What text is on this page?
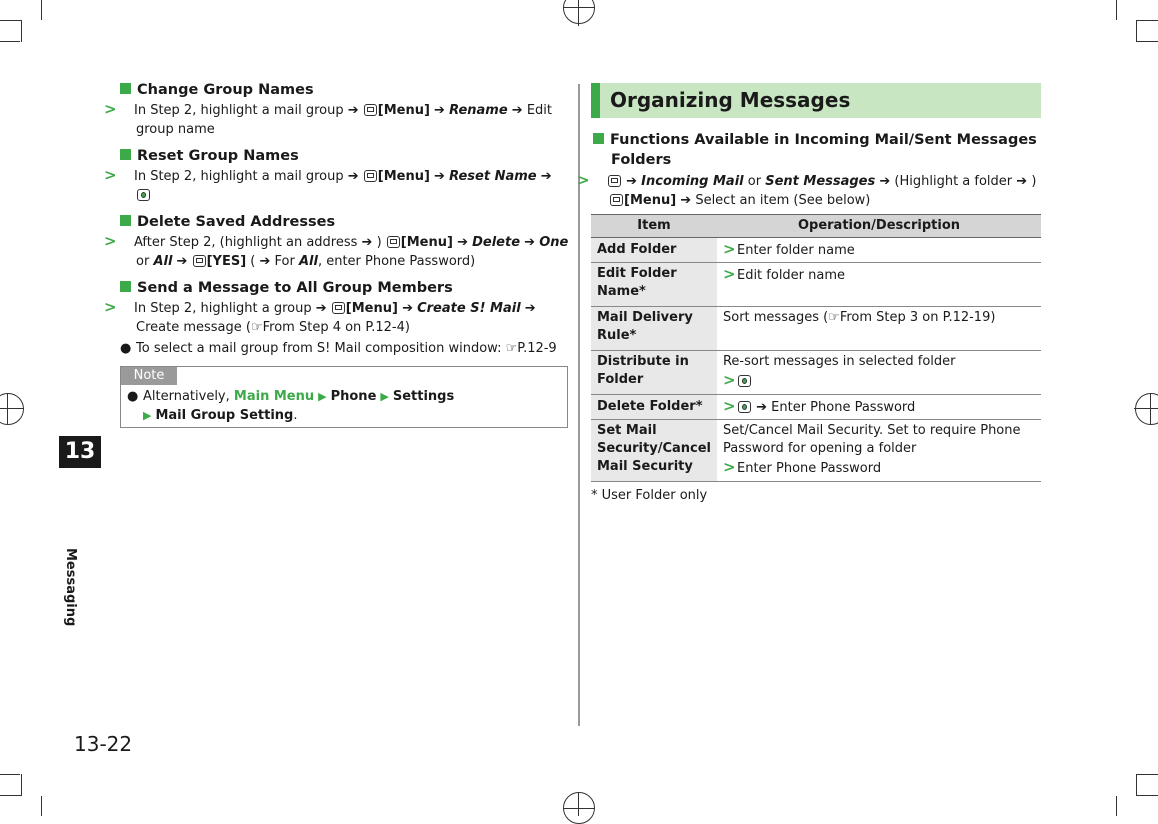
13
Messaging
13-22
Change Group Names
> In Step 2, highlight a mail group ➔ [Menu] ➔ Rename ➔ Edit group name
Reset Group Names
> In Step 2, highlight a mail group ➔ [Menu] ➔ Reset Name ➔
Delete Saved Addresses
> After Step 2, (highlight an address ➔ ) [Menu] ➔ Delete ➔ One
or All ➔ [YES] ( ➔ For All, enter Phone Password)
Send a Message to All Group Members
> In Step 2, highlight a group ➔ [Menu] ➔ Create S! Mail ➔
Create message (☞From Step 4 on P.12-4)
● To select a mail group from S! Mail composition window: ☞P.12-9
Note
● Alternatively, Main Menu ▶ Phone ▶ Settings
▶ Mail Group Setting.
Organizing Messages
Functions Available in Incoming Mail/Sent Messages
Folders
> ➔ Incoming Mail or Sent Messages ➔ (Highlight a folder ➔ )
[Menu] ➔ Select an item (See below)
Item	Operation/Description
Add Folder	>Enter folder name
Edit Folder Name*	>Edit folder name
Mail Delivery Rule*	Sort messages (☞From Step 3 on P.12-19)
Distribute in Folder	Re-sort messages in selected folder
>
Delete Folder*	> ➔ Enter Phone Password
Set Mail Security/Cancel Mail Security	Set/Cancel Mail Security. Set to require Phone Password for opening a folder
>Enter Phone Password
* User Folder only
